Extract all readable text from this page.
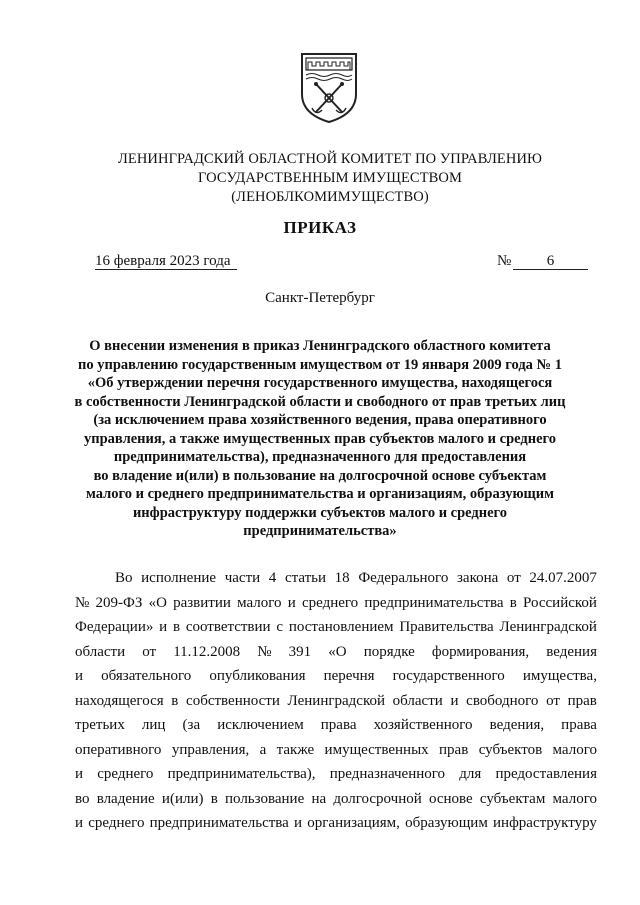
ЛЕНИНГРАДСКИЙ ОБЛАСТНОЙ КОМИТЕТ ПО УПРАВЛЕНИЮ
ГОСУДАРСТВЕННЫМ ИМУЩЕСТВОМ
(ЛЕНОБЛКОМИМУЩЕСТВО)
ПРИКАЗ
16 февраля 2023 года	№	6
Санкт-Петербург
О внесении изменения в приказ Ленинградского областного комитета
по управлению государственным имуществом от 19 января 2009 года № 1
«Об утверждении перечня государственного имущества, находящегося
в собственности Ленинградской области и свободного от прав третьих лиц
(за исключением права хозяйственного ведения, права оперативного
управления, а также имущественных прав субъектов малого и среднего
предпринимательства), предназначенного для предоставления
во владение и(или) в пользование на долгосрочной основе субъектам
малого и среднего предпринимательства и организациям, образующим
инфраструктуру поддержки субъектов малого и среднего
предпринимательства»
Во исполнение части 4 статьи 18 Федерального закона от 24.07.2007
№ 209-ФЗ «О развитии малого и среднего предпринимательства в Российской
Федерации» и в соответствии с постановлением Правительства Ленинградской
области от 11.12.2008 № 391 «О порядке формирования, ведения
и обязательного опубликования перечня государственного имущества,
находящегося в собственности Ленинградской области и свободного от прав
третьих лиц (за исключением права хозяйственного ведения, права
оперативного управления, а также имущественных прав субъектов малого
и среднего предпринимательства), предназначенного для предоставления
во владение и(или) в пользование на долгосрочной основе субъектам малого
и среднего предпринимательства и организациям, образующим инфраструктуру
